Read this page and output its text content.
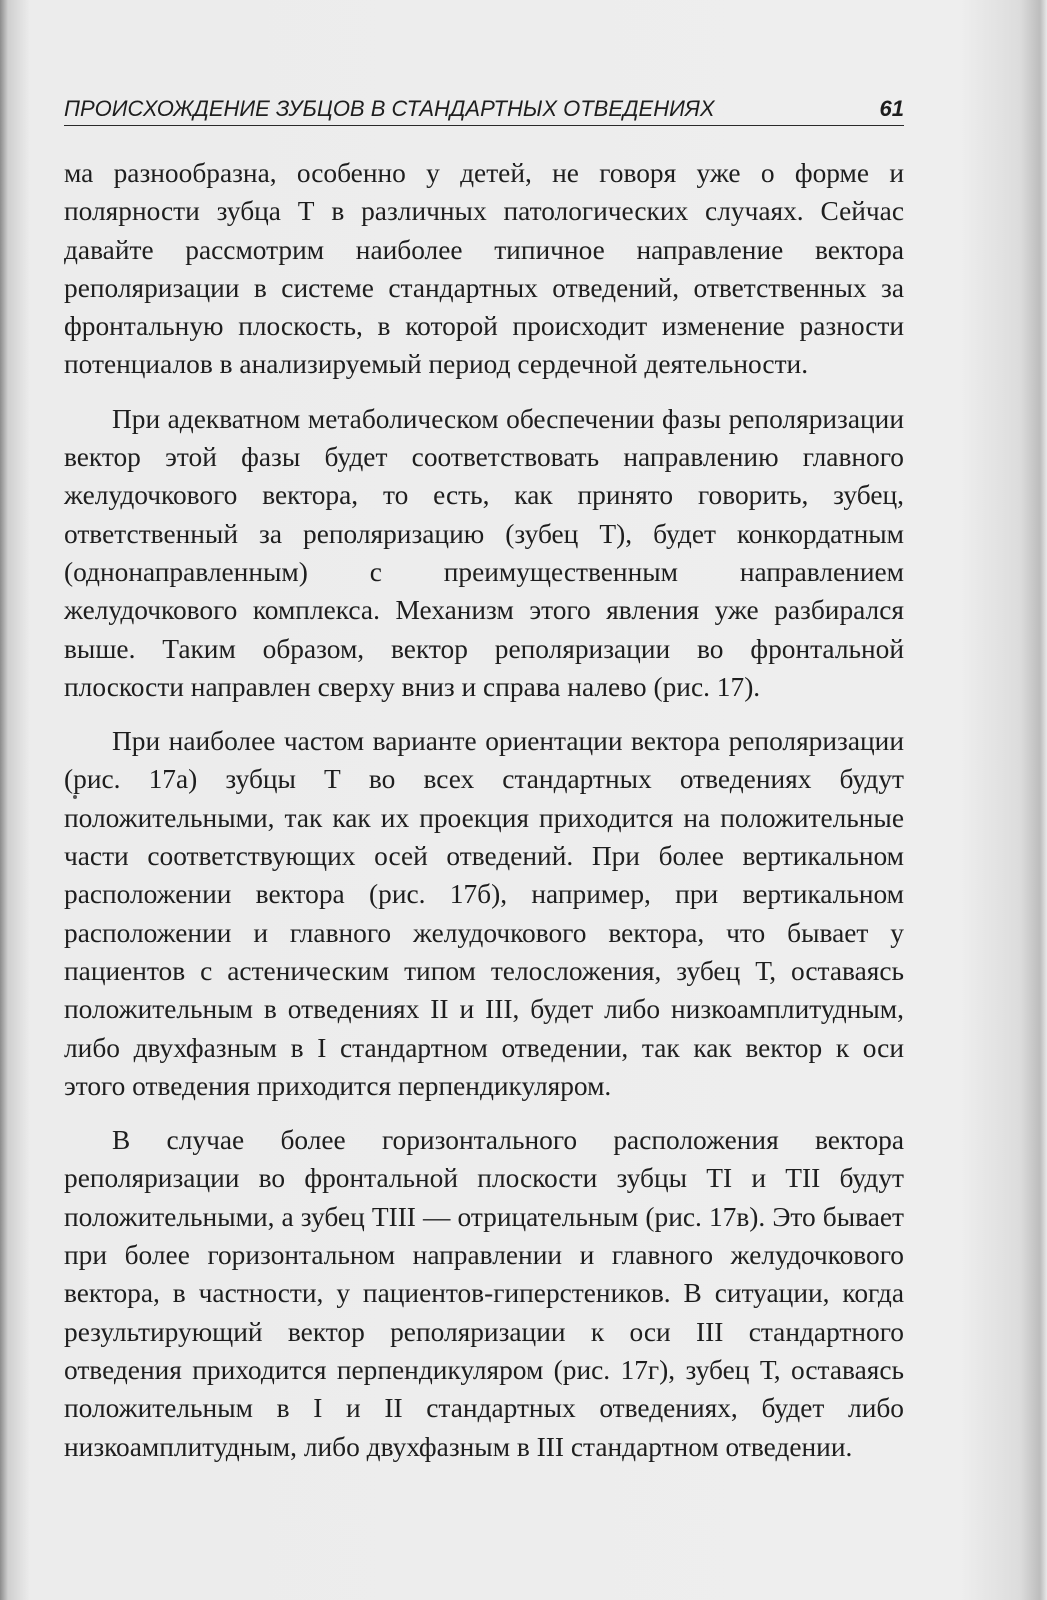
ПРОИСХОЖДЕНИЕ ЗУБЦОВ В СТАНДАРТНЫХ ОТВЕДЕНИЯХ	61

ма разнообразна, особенно у детей, не говоря уже о форме и полярности зубца Т в различных патологических случаях. Сейчас давайте рассмотрим наиболее типичное направление вектора реполяризации в системе стандартных отведений, ответственных за фронтальную плоскость, в которой происходит изменение разности потенциалов в анализируемый период сердечной деятельности.

При адекватном метаболическом обеспечении фазы реполяризации вектор этой фазы будет соответствовать направлению главного желудочкового вектора, то есть, как принято говорить, зубец, ответственный за реполяризацию (зубец Т), будет конкордатным (однонаправленным) с преимущественным направлением желудочкового комплекса. Механизм этого явления уже разбирался выше. Таким образом, вектор реполяризации во фронтальной плоскости направлен сверху вниз и справа налево (рис. 17).

При наиболее частом варианте ориентации вектора реполяризации (рис. 17а) зубцы Т во всех стандартных отведениях будут положительными, так как их проекция приходится на положительные части соответствующих осей отведений. При более вертикальном расположении вектора (рис. 17б), например, при вертикальном расположении и главного желудочкового вектора, что бывает у пациентов с астеническим типом телосложения, зубец Т, оставаясь положительным в отведениях II и III, будет либо низкоамплитудным, либо двухфазным в I стандартном отведении, так как вектор к оси этого отведения приходится перпендикуляром.

В случае более горизонтального расположения вектора реполяризации во фронтальной плоскости зубцы TI и TII будут положительными, а зубец TIII — отрицательным (рис. 17в). Это бывает при более горизонтальном направлении и главного желудочкового вектора, в частности, у пациентов-гиперстеников. В ситуации, когда результирующий вектор реполяризации к оси III стандартного отведения приходится перпендикуляром (рис. 17г), зубец Т, оставаясь положительным в I и II стандартных отведениях, будет либо низкоамплитудным, либо двухфазным в III стандартном отведении.
